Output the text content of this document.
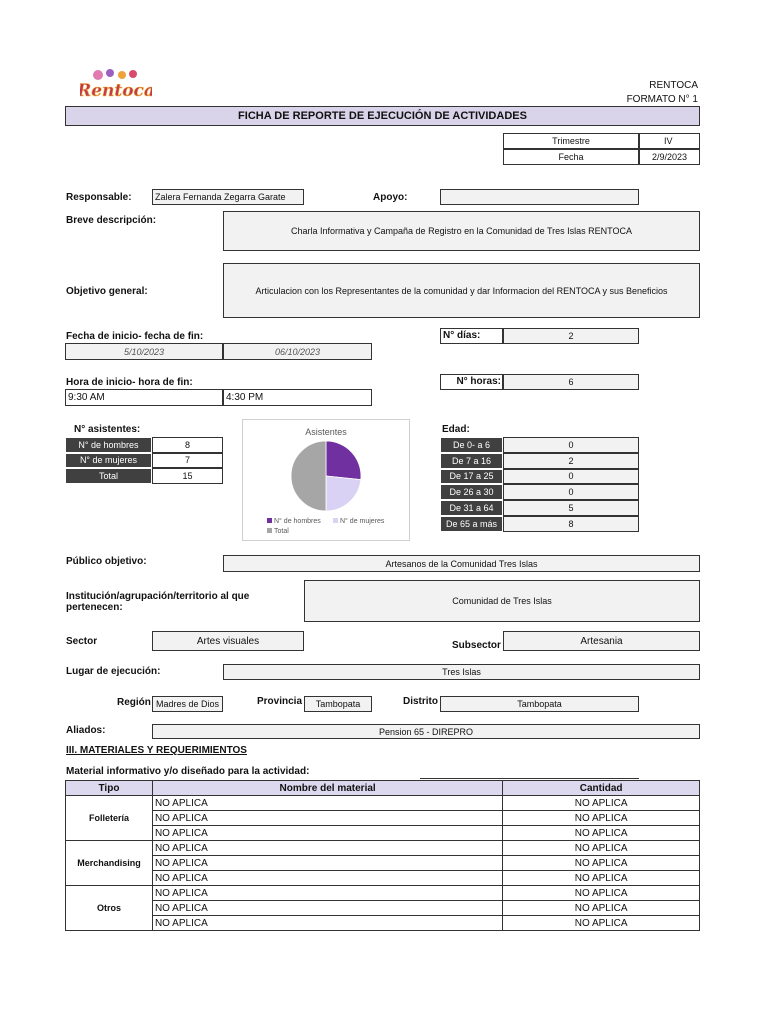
Rentoca	RENTOCA
FORMATO N° 1
FICHA DE REPORTE DE EJECUCIÓN DE ACTIVIDADES
Trimestre	IV
Fecha	2/9/2023
Responsable:	Zalera Fernanda Zegarra Garate	Apoyo:
Breve descripción:
Charla Informativa y Campaña de Registro en la Comunidad de Tres Islas RENTOCA
Objetivo general:	Articulacion con los Representantes de la comunidad y dar Informacion del RENTOCA y sus Beneficios
Fecha de inicio- fecha de fin:
5/10/2023	06/10/2023
N° días:	2
Hora de inicio- hora de fin:
9:30 AM	4:30 PM
N° horas:	6
N° asistentes:
N° de hombres	8
N° de mujeres	7
Total	15
Asistentes
N° de hombres	N° de mujeres
Total
Edad:
De 0- a 6	0
De 7 a 16	2
De 17 a 25	0
De 26 a 30	0
De 31 a 64	5
De 65 a más	8
Público objetivo:	Artesanos de la Comunidad Tres Islas
Institución/agrupación/territorio al que pertenecen:
Comunidad de Tres Islas
Sector	Artes visuales	Subsector	Artesania
Lugar de ejecución:	Tres Islas
Región Madres de Dios	Provincia	Tambopata	Distrito	Tambopata
Aliados:	Pension 65 - DIREPRO
III. MATERIALES Y REQUERIMIENTOS
Material informativo y/o diseñado para la actividad:
Tipo	Nombre del material	Cantidad
Folletería	NO APLICA	NO APLICA
	NO APLICA	NO APLICA
	NO APLICA	NO APLICA
Merchandising	NO APLICA	NO APLICA
	NO APLICA	NO APLICA
	NO APLICA	NO APLICA
Otros	NO APLICA	NO APLICA
	NO APLICA	NO APLICA
	NO APLICA	NO APLICA
